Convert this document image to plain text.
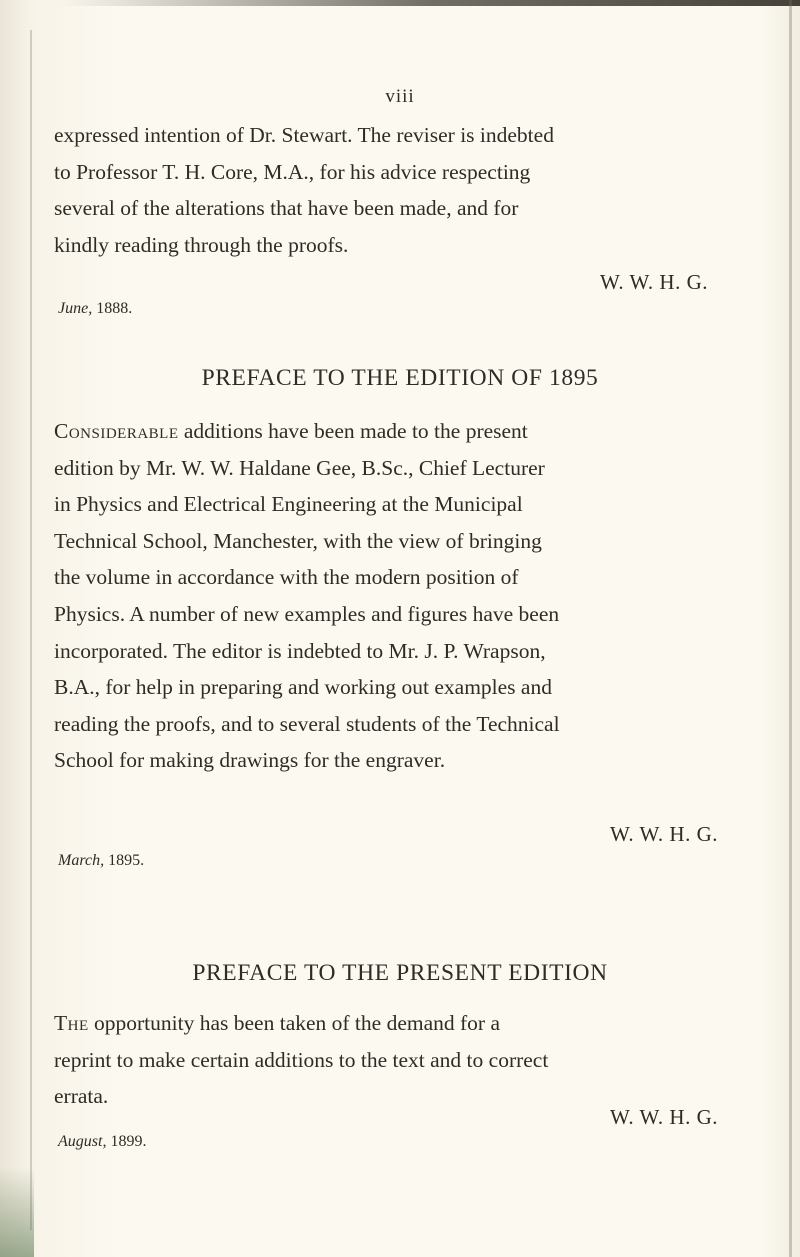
viii

expressed intention of Dr. Stewart. The reviser is indebted

to Professor T. H. Core, M.A., for his advice respecting

several of the alterations that have been made, and for

kindly reading through the proofs.

W. W. H. G.
June, 1888.
PREFACE TO THE EDITION OF 1895

Considerable additions have been made to the present

edition by Mr. W. W. Haldane Gee, B.Sc., Chief Lecturer

in Physics and Electrical Engineering at the Municipal

Technical School, Manchester, with the view of bringing

the volume in accordance with the modern position of

Physics. A number of new examples and figures have been

incorporated. The editor is indebted to Mr. J. P. Wrapson,

B.A., for help in preparing and working out examples and

reading the proofs, and to several students of the Technical

School for making drawings for the engraver.

W. W. H. G.
March, 1895.
PREFACE TO THE PRESENT EDITION

The opportunity has been taken of the demand for a

reprint to make certain additions to the text and to correct

errata.

W. W. H. G.
August, 1899.
